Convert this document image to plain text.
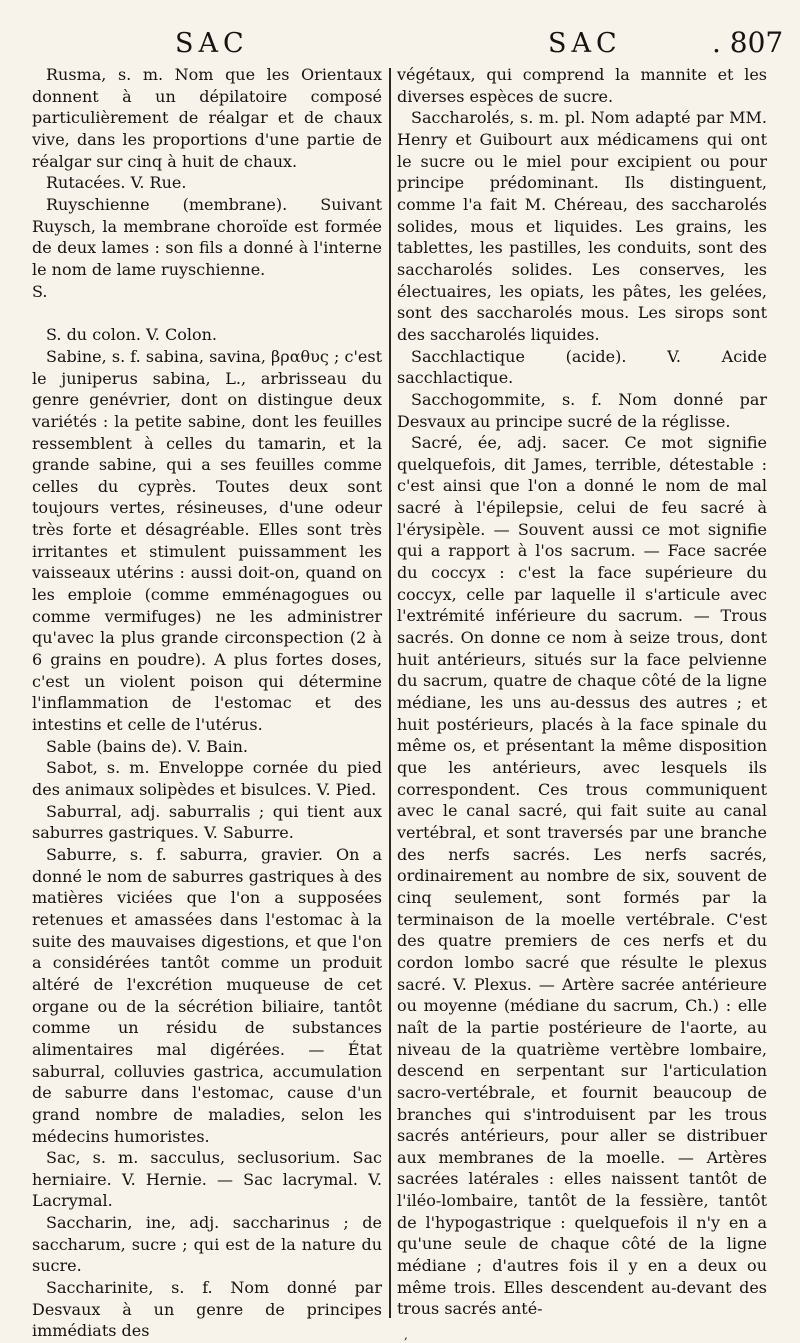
SAC	SAC	. 807

Rusma, s. m. Nom que les Orientaux donnent à un dépilatoire composé particulièrement de réalgar et de chaux vive, dans les proportions d'une partie de réalgar sur cinq à huit de chaux.

Rutacées. V. Rue.

Ruyschienne (membrane). Suivant Ruysch, la membrane choroïde est formée de deux lames : son fils a donné à l'interne le nom de lame ruyschienne.

S.

S. du colon. V. Colon.

Sabine, s. f. sabina, savina, βραθυς ; c'est le juniperus sabina, L., arbrisseau du genre genévrier, dont on distingue deux variétés : la petite sabine, dont les feuilles ressemblent à celles du tamarin, et la grande sabine, qui a ses feuilles comme celles du cyprès. Toutes deux sont toujours vertes, résineuses, d'une odeur très forte et désagréable. Elles sont très irritantes et stimulent puissamment les vaisseaux utérins : aussi doit-on, quand on les emploie (comme emménagogues ou comme vermifuges) ne les administrer qu'avec la plus grande circonspection (2 à 6 grains en poudre). A plus fortes doses, c'est un violent poison qui détermine l'inflammation de l'estomac et des intestins et celle de l'utérus.

Sable (bains de). V. Bain.

Sabot, s. m. Enveloppe cornée du pied des animaux solipèdes et bisulces. V. Pied.

Saburral, adj. saburralis ; qui tient aux saburres gastriques. V. Saburre.

Saburre, s. f. saburra, gravier. On a donné le nom de saburres gastriques à des matières viciées que l'on a supposées retenues et amassées dans l'estomac à la suite des mauvaises digestions, et que l'on a considérées tantôt comme un produit altéré de l'excrétion muqueuse de cet organe ou de la sécrétion biliaire, tantôt comme un résidu de substances alimentaires mal digérées. — État saburral, colluvies gastrica, accumulation de saburre dans l'estomac, cause d'un grand nombre de maladies, selon les médecins humoristes.

Sac, s. m. sacculus, seclusorium. Sac herniaire. V. Hernie. — Sac lacrymal. V. Lacrymal.

Saccharin, ine, adj. saccharinus ; de saccharum, sucre ; qui est de la nature du sucre.

Saccharinite, s. f. Nom donné par Desvaux à un genre de principes immédiats des

végétaux, qui comprend la mannite et les diverses espèces de sucre.

Saccharolés, s. m. pl. Nom adapté par MM. Henry et Guibourt aux médicamens qui ont le sucre ou le miel pour excipient ou pour principe prédominant. Ils distinguent, comme l'a fait M. Chéreau, des saccharolés solides, mous et liquides. Les grains, les tablettes, les pastilles, les conduits, sont des saccharolés solides. Les conserves, les électuaires, les opiats, les pâtes, les gelées, sont des saccharolés mous. Les sirops sont des saccharolés liquides.

Sacchlactique (acide). V. Acide sacchlactique.

Sacchogommite, s. f. Nom donné par Desvaux au principe sucré de la réglisse.

Sacré, ée, adj. sacer. Ce mot signifie quelquefois, dit James, terrible, détestable : c'est ainsi que l'on a donné le nom de mal sacré à l'épilepsie, celui de feu sacré à l'érysipèle. — Souvent aussi ce mot signifie qui a rapport à l'os sacrum. — Face sacrée du coccyx : c'est la face supérieure du coccyx, celle par laquelle il s'articule avec l'extrémité inférieure du sacrum. — Trous sacrés. On donne ce nom à seize trous, dont huit antérieurs, situés sur la face pelvienne du sacrum, quatre de chaque côté de la ligne médiane, les uns au-dessus des autres ; et huit postérieurs, placés à la face spinale du même os, et présentant la même disposition que les antérieurs, avec lesquels ils correspondent. Ces trous communiquent avec le canal sacré, qui fait suite au canal vertébral, et sont traversés par une branche des nerfs sacrés. Les nerfs sacrés, ordinairement au nombre de six, souvent de cinq seulement, sont formés par la terminaison de la moelle vertébrale. C'est des quatre premiers de ces nerfs et du cordon lombo sacré que résulte le plexus sacré. V. Plexus. — Artère sacrée antérieure ou moyenne (médiane du sacrum, Ch.) : elle naît de la partie postérieure de l'aorte, au niveau de la quatrième vertèbre lombaire, descend en serpentant sur l'articulation sacro-vertébrale, et fournit beaucoup de branches qui s'introduisent par les trous sacrés antérieurs, pour aller se distribuer aux membranes de la moelle. — Artères sacrées latérales : elles naissent tantôt de l'iléo-lombaire, tantôt de la fessière, tantôt de l'hypogastrique : quelquefois il n'y en a qu'une seule de chaque côté de la ligne médiane ; d'autres fois il y en a deux ou même trois. Elles descendent au-devant des trous sacrés anté-

,
